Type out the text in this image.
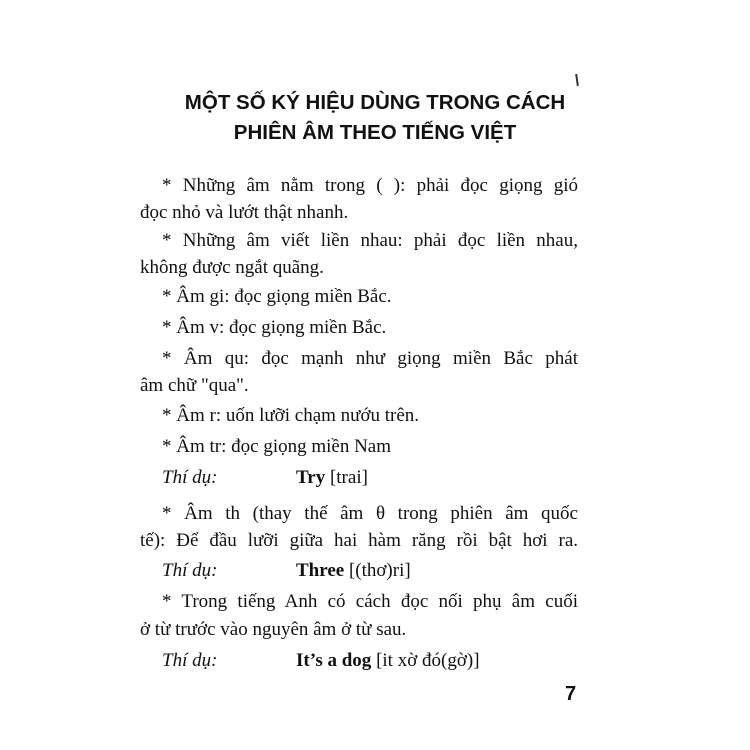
MỘT SỐ KÝ HIỆU DÙNG TRONG CÁCH
PHIÊN ÂM THEO TIẾNG VIỆT
* Những âm nằm trong ( ): phải đọc giọng gió
đọc nhỏ và lướt thật nhanh.
* Những âm viết liền nhau: phải đọc liền nhau,
không được ngắt quãng.
* Âm gi: đọc giọng miền Bắc.
* Âm v: đọc giọng miền Bắc.
* Âm qu: đọc mạnh như giọng miền Bắc phát
âm chữ "qua".
* Âm r: uốn lưỡi chạm nướu trên.
* Âm tr: đọc giọng miền Nam
Thí dụ:	Try [trai]
* Âm th (thay thế âm θ trong phiên âm quốc
tế): Để đầu lưỡi giữa hai hàm răng rồi bật hơi ra.
Thí dụ:	Three [(thơ)ri]
* Trong tiếng Anh có cách đọc nối phụ âm cuối
ở từ trước vào nguyên âm ở từ sau.
Thí dụ:	It’s a dog [it xờ đó(gờ)]
7
